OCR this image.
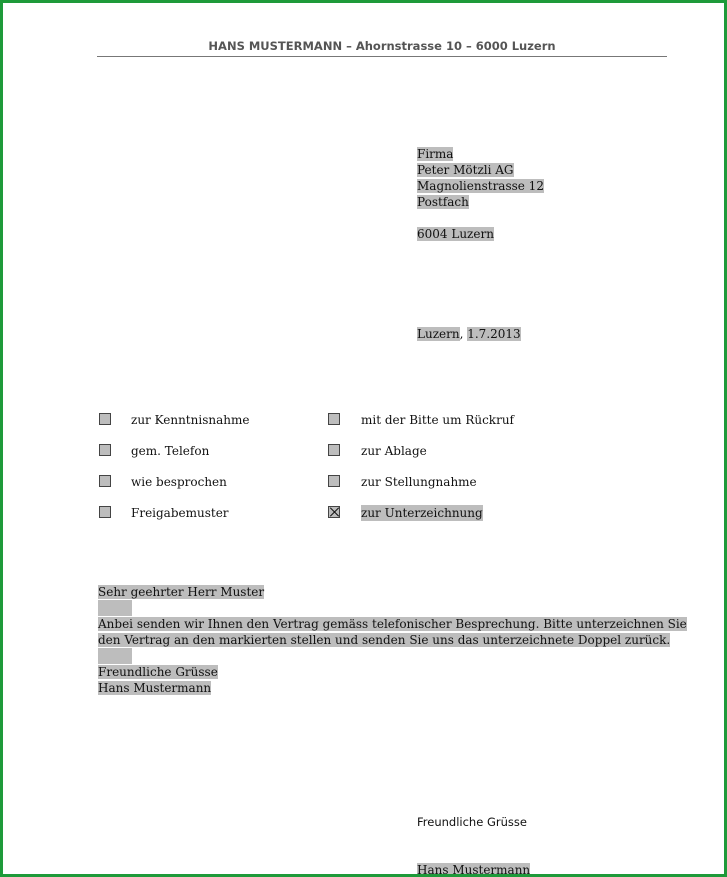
HANS MUSTERMANN – Ahornstrasse 10 – 6000 Luzern
Firma
Peter Mötzli AG
Magnolienstrasse 12
Postfach
6004 Luzern
Luzern, 1.7.2013
zur Kenntnisnahme
gem. Telefon
wie besprochen
Freigabemuster
mit der Bitte um Rückruf
zur Ablage
zur Stellungnahme
zur Unterzeichnung
Sehr geehrter Herr Muster
Anbei senden wir Ihnen den Vertrag gemäss telefonischer Besprechung. Bitte unterzeichnen Sie
den Vertrag an den markierten stellen und senden Sie uns das unterzeichnete Doppel zurück.
Freundliche Grüsse
Hans Mustermann
Freundliche Grüsse
Hans Mustermann
